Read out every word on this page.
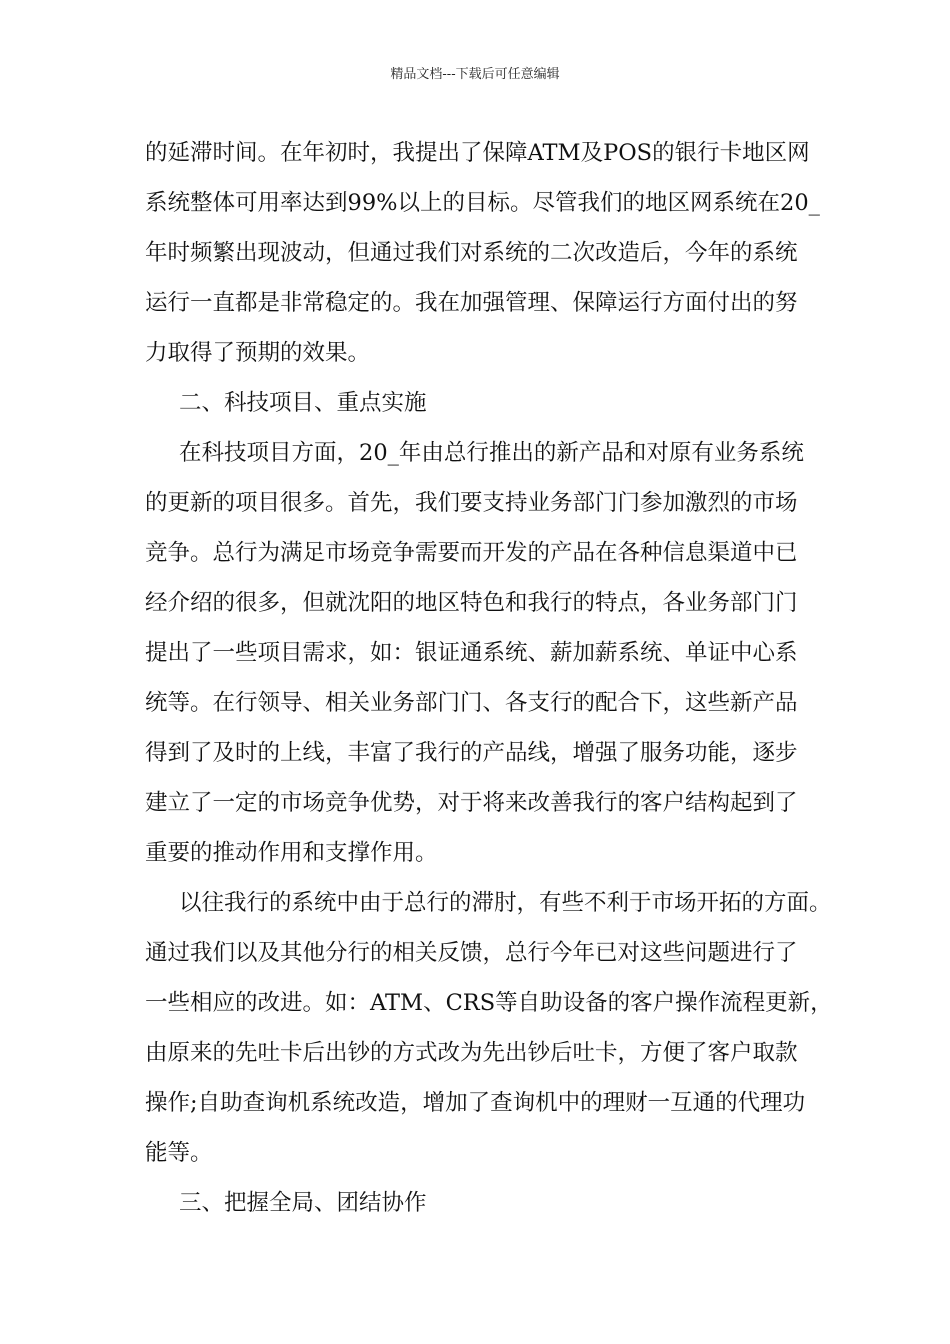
精品文档---下载后可任意编辑
的延滞时间。在年初时，我提出了保障ATM及POS的银行卡地区网
系统整体可用率达到99%以上的目标。尽管我们的地区网系统在20_
年时频繁出现波动，但通过我们对系统的二次改造后，今年的系统
运行一直都是非常稳定的。我在加强管理、保障运行方面付出的努
力取得了预期的效果。
二、科技项目、重点实施
在科技项目方面，20_年由总行推出的新产品和对原有业务系统
的更新的项目很多。首先，我们要支持业务部门门参加激烈的市场
竞争。总行为满足市场竞争需要而开发的产品在各种信息渠道中已
经介绍的很多，但就沈阳的地区特色和我行的特点，各业务部门门
提出了一些项目需求，如：银证通系统、薪加薪系统、单证中心系
统等。在行领导、相关业务部门门、各支行的配合下，这些新产品
得到了及时的上线，丰富了我行的产品线，增强了服务功能，逐步
建立了一定的市场竞争优势，对于将来改善我行的客户结构起到了
重要的推动作用和支撑作用。
以往我行的系统中由于总行的滞肘，有些不利于市场开拓的方面。
通过我们以及其他分行的相关反馈，总行今年已对这些问题进行了
一些相应的改进。如：ATM、CRS等自助设备的客户操作流程更新，
由原来的先吐卡后出钞的方式改为先出钞后吐卡，方便了客户取款
操作;自助查询机系统改造，增加了查询机中的理财一互通的代理功
能等。
三、把握全局、团结协作
